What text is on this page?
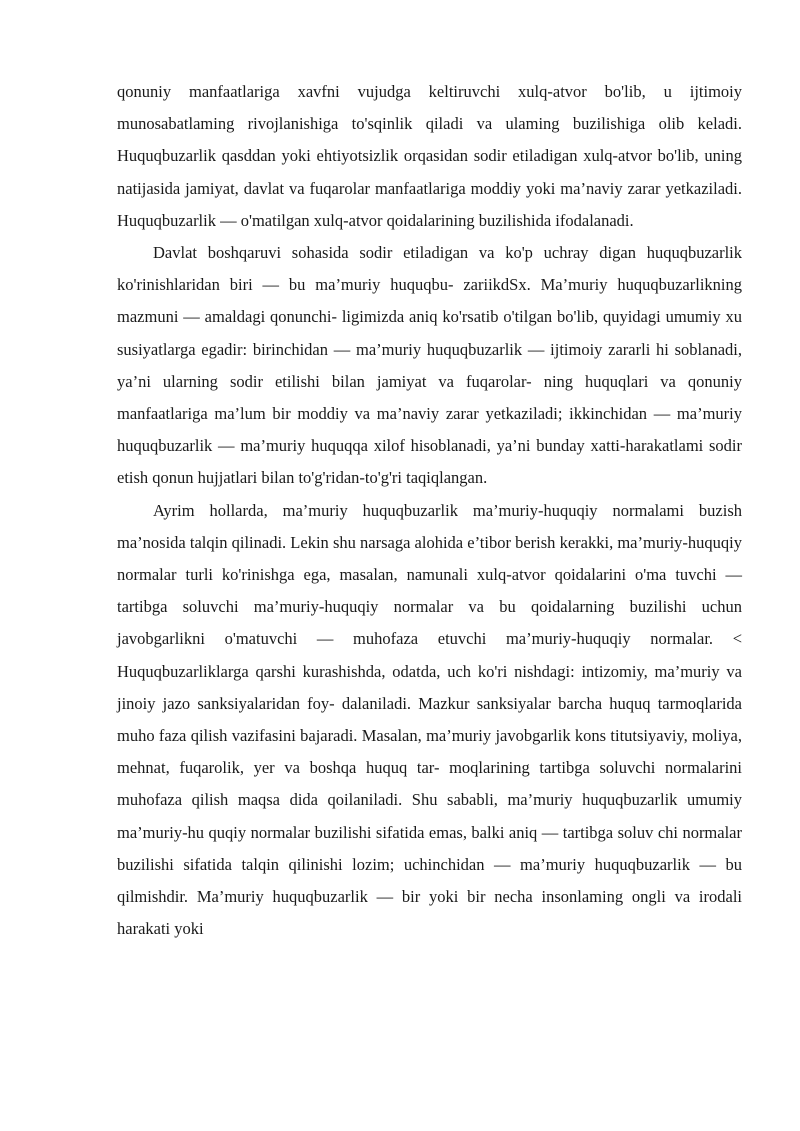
qonuniy manfaatlariga xavfni vujudga keltiruvchi xulq-atvor bo'lib, u ijtimoiy munosabatlaming rivojlanishiga to'sqinlik qiladi va ulaming buzilishiga olib keladi. Huquqbuzarlik qasddan yoki ehtiyotsizlik orqasidan sodir etiladigan xulq-atvor bo'lib, uning natijasida jamiyat, davlat va fuqarolar manfaatlariga moddiy yoki ma’naviy zarar yetkaziladi. Huquqbuzarlik — o'matilgan xulq-atvor qoidalarining buzilishida ifodalanadi.

Davlat boshqaruvi sohasida sodir etiladigan va ko'p uchray digan huquqbuzarlik ko'rinishlaridan biri — bu ma’muriy huquqbu- zariikdSx. Ma’muriy huquqbuzarlikning mazmuni — amaldagi qonunchi- ligimizda aniq ko'rsatib o'tilgan bo'lib, quyidagi umumiy xu susiyatlarga egadir: birinchidan — ma’muriy huquqbuzarlik — ijtimoiy zararli hi soblanadi, ya’ni ularning sodir etilishi bilan jamiyat va fuqarolar- ning huquqlari va qonuniy manfaatlariga ma’lum bir moddiy va ma’naviy zarar yetkaziladi; ikkinchidan — ma’muriy huquqbuzarlik — ma’muriy huquqqa xilof hisoblanadi, ya’ni bunday xatti-harakatlami sodir etish qonun hujjatlari bilan to'g'ridan-to'g'ri taqiqlangan.

Ayrim hollarda, ma’muriy huquqbuzarlik ma’muriy-huquqiy normalami buzish ma’nosida talqin qilinadi. Lekin shu narsaga alohida e’tibor berish kerakki, ma’muriy-huquqiy normalar turli ko'rinishga ega, masalan, namunali xulq-atvor qoidalarini o'ma tuvchi — tartibga soluvchi ma’muriy-huquqiy normalar va bu qoidalarning buzilishi uchun javobgarlikni o'matuvchi — muhofaza etuvchi ma’muriy-huquqiy normalar. < Huquqbuzarliklarga qarshi kurashishda, odatda, uch ko'ri nishdagi: intizomiy, ma’muriy va jinoiy jazo sanksiyalaridan foy- dalaniladi. Mazkur sanksiyalar barcha huquq tarmoqlarida muho faza qilish vazifasini bajaradi. Masalan, ma’muriy javobgarlik kons titutsiyaviy, moliya, mehnat, fuqarolik, yer va boshqa huquq tar- moqlarining tartibga soluvchi normalarini muhofaza qilish maqsa dida qoilaniladi. Shu sababli, ma’muriy huquqbuzarlik umumiy ma’muriy-hu quqiy normalar buzilishi sifatida emas, balki aniq — tartibga soluv chi normalar buzilishi sifatida talqin qilinishi lozim; uchinchidan — ma’muriy huquqbuzarlik — bu qilmishdir. Ma’muriy huquqbuzarlik — bir yoki bir necha insonlaming ongli va irodali harakati yoki
